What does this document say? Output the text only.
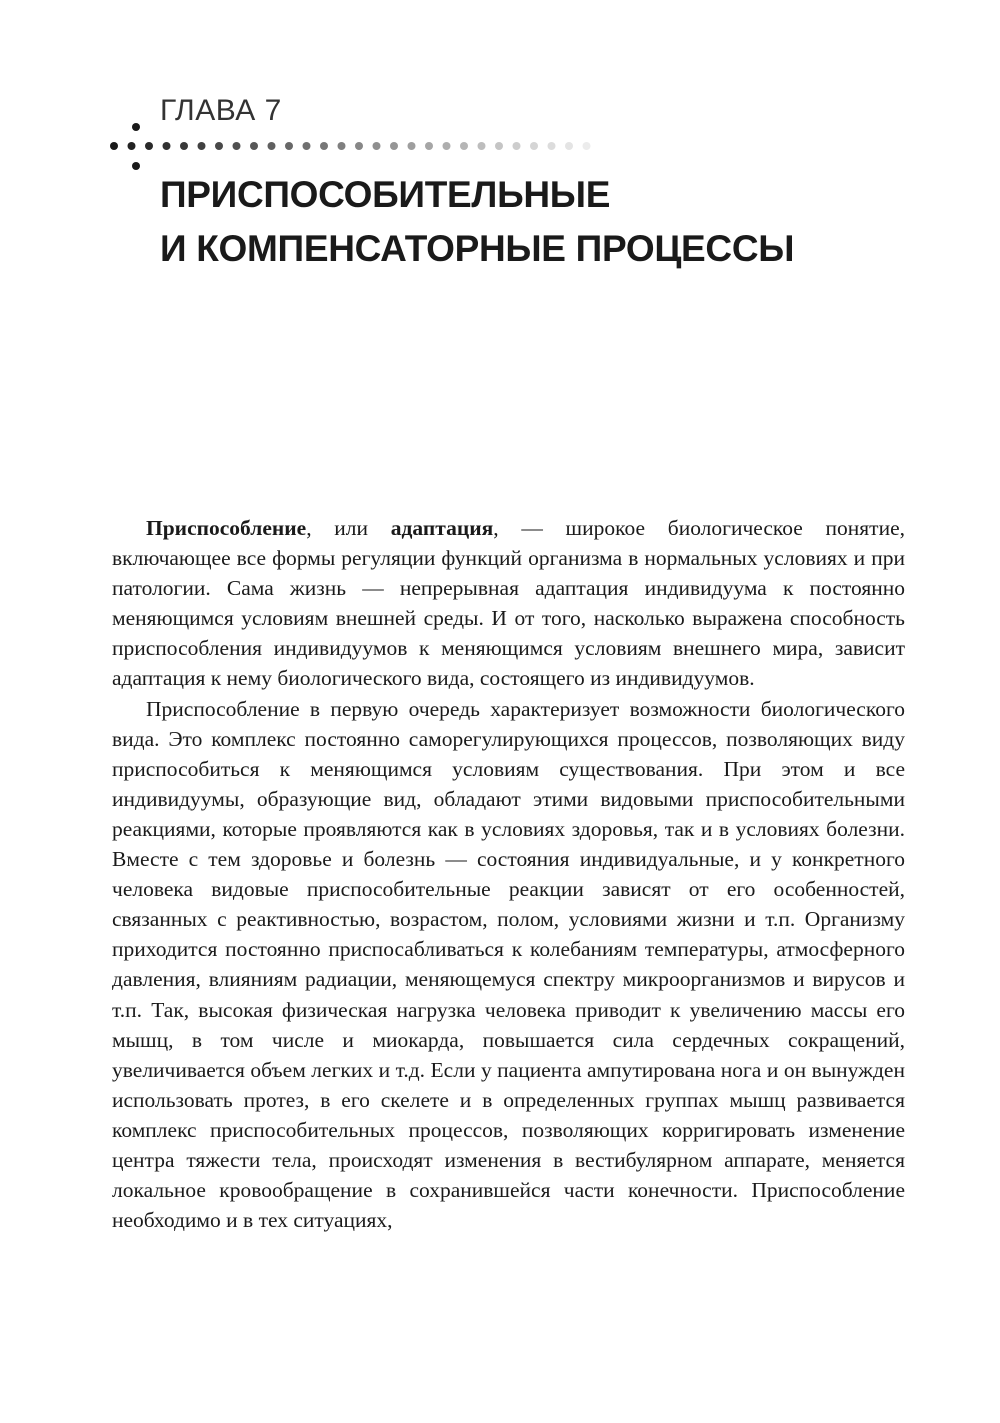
ГЛАВА 7
ПРИСПОСОБИТЕЛЬНЫЕ
И КОМПЕНСАТОРНЫЕ ПРОЦЕССЫ

Приспособление, или адаптация, — широкое биологическое понятие, включающее все формы регуляции функций организма в нормальных условиях и при патологии. Сама жизнь — непрерывная адаптация индивидуума к постоянно меняющимся условиям внешней среды. И от того, насколько выражена способность приспособления индивидуумов к меняющимся условиям внешнего мира, зависит адаптация к нему биологического вида, состоящего из индивидуумов.

Приспособление в первую очередь характеризует возможности биологического вида. Это комплекс постоянно саморегулирующихся процессов, позволяющих виду приспособиться к меняющимся условиям существования. При этом и все индивидуумы, образующие вид, обладают этими видовыми приспособительными реакциями, которые проявляются как в условиях здоровья, так и в условиях болезни. Вместе с тем здоровье и болезнь — состояния индивидуальные, и у конкретного человека видовые приспособительные реакции зависят от его особенностей, связанных с реактивностью, возрастом, полом, условиями жизни и т.п. Организму приходится постоянно приспосабливаться к колебаниям температуры, атмосферного давления, влияниям радиации, меняющемуся спектру микроорганизмов и вирусов и т.п. Так, высокая физическая нагрузка человека приводит к увеличению массы его мышц, в том числе и миокарда, повышается сила сердечных сокращений, увеличивается объем легких и т.д. Если у пациента ампутирована нога и он вынужден использовать протез, в его скелете и в определенных группах мышц развивается комплекс приспособительных процессов, позволяющих корригировать изменение центра тяжести тела, происходят изменения в вестибулярном аппарате, меняется локальное кровообращение в сохранившейся части конечности. Приспособление необходимо и в тех ситуациях,
